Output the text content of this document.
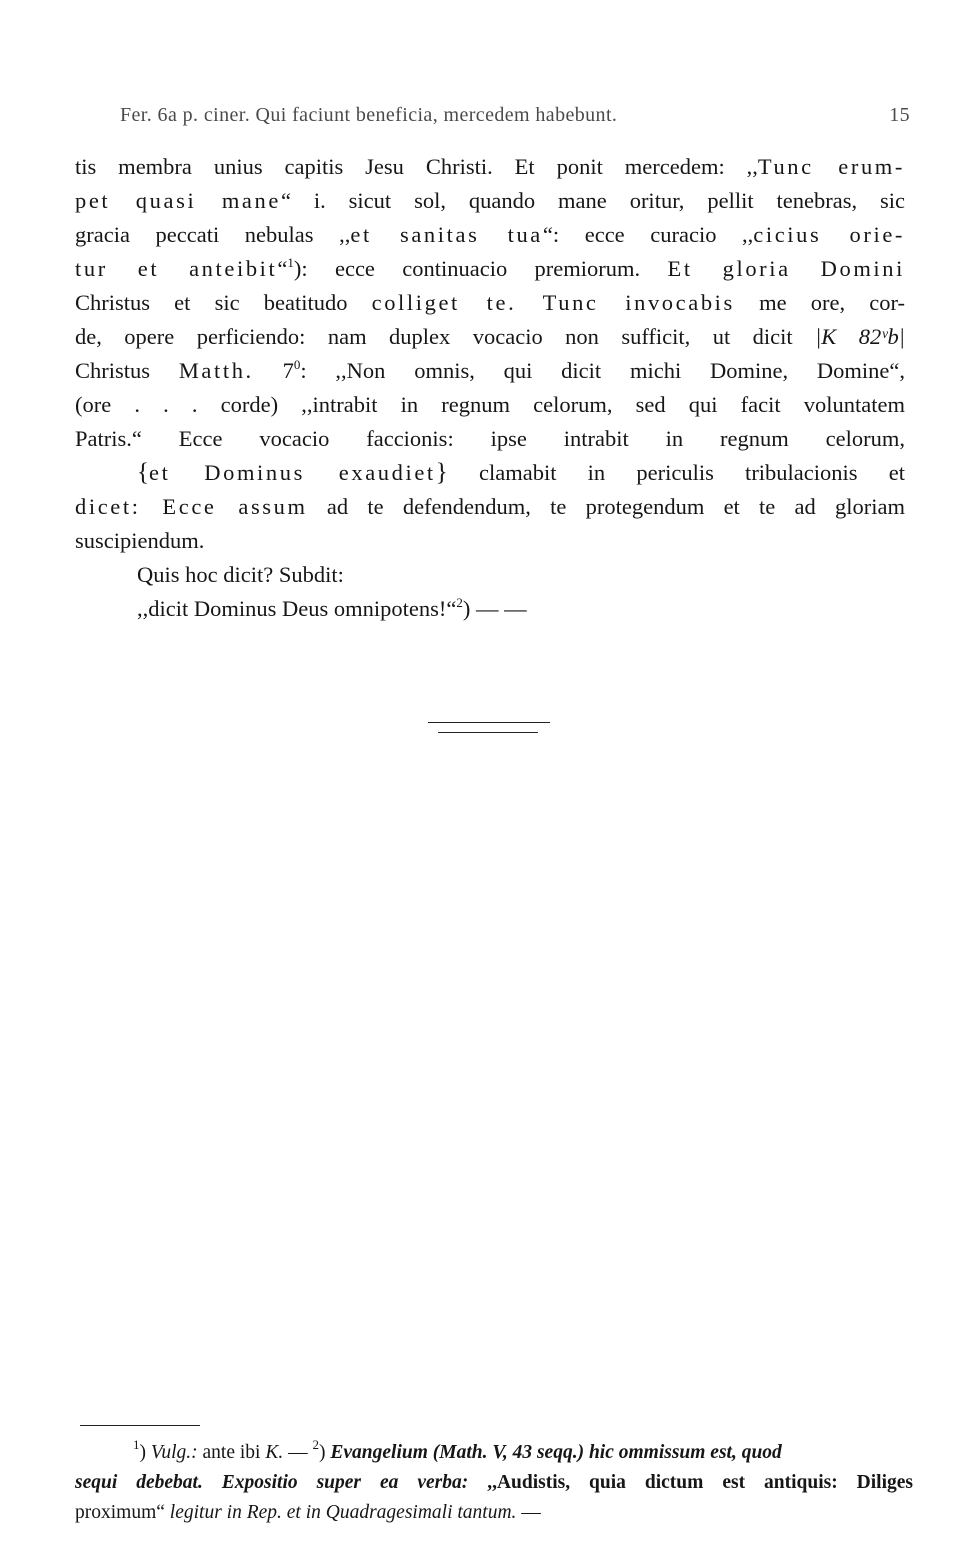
Fer. 6a p. ciner. Qui faciunt beneficia, mercedem habebunt.	15
tis membra unius capitis Jesu Christi. Et ponit mercedem: ,,Tunc erum-
pet quasi mane“ i. sicut sol, quando mane oritur, pellit tenebras, sic
gracia peccati nebulas ,,et sanitas tua“: ecce curacio ,,cicius orie-
tur et anteibit“$^1$): ecce continuacio premiorum. Et gloria Domini
Christus et sic beatitudo colliget te. Tunc invocabis me ore, cor-
de, opere perficiendo: nam duplex vocacio non sufficit, ut dicit |K 82ᵛb|
Christus Matth. $7^0$: ,,Non omnis, qui dicit michi Domine, Domine“,
(ore . . . corde) ,,intrabit in regnum celorum, sed qui facit voluntatem
Patris.“ Ecce vocacio faccionis: ipse intrabit in regnum celorum,
{et Dominus exaudiet} clamabit in periculis tribulacionis et
dicet: Ecce assum ad te defendendum, te protegendum et te ad gloriam
suscipiendum.
Quis hoc dicit? Subdit:
,,dicit Dominus Deus omnipotens!“$^2$) — —
$^1$) Vulg.: ante ibi K. — $^2$) Evangelium (Math. V, 43 seqq.) hic ommissum est, quod
sequi debebat. Expositio super ea verba: ,,Audistis, quia dictum est antiquis: Diliges
proximum“ legitur in Rep. et in Quadragesimali tantum. —
